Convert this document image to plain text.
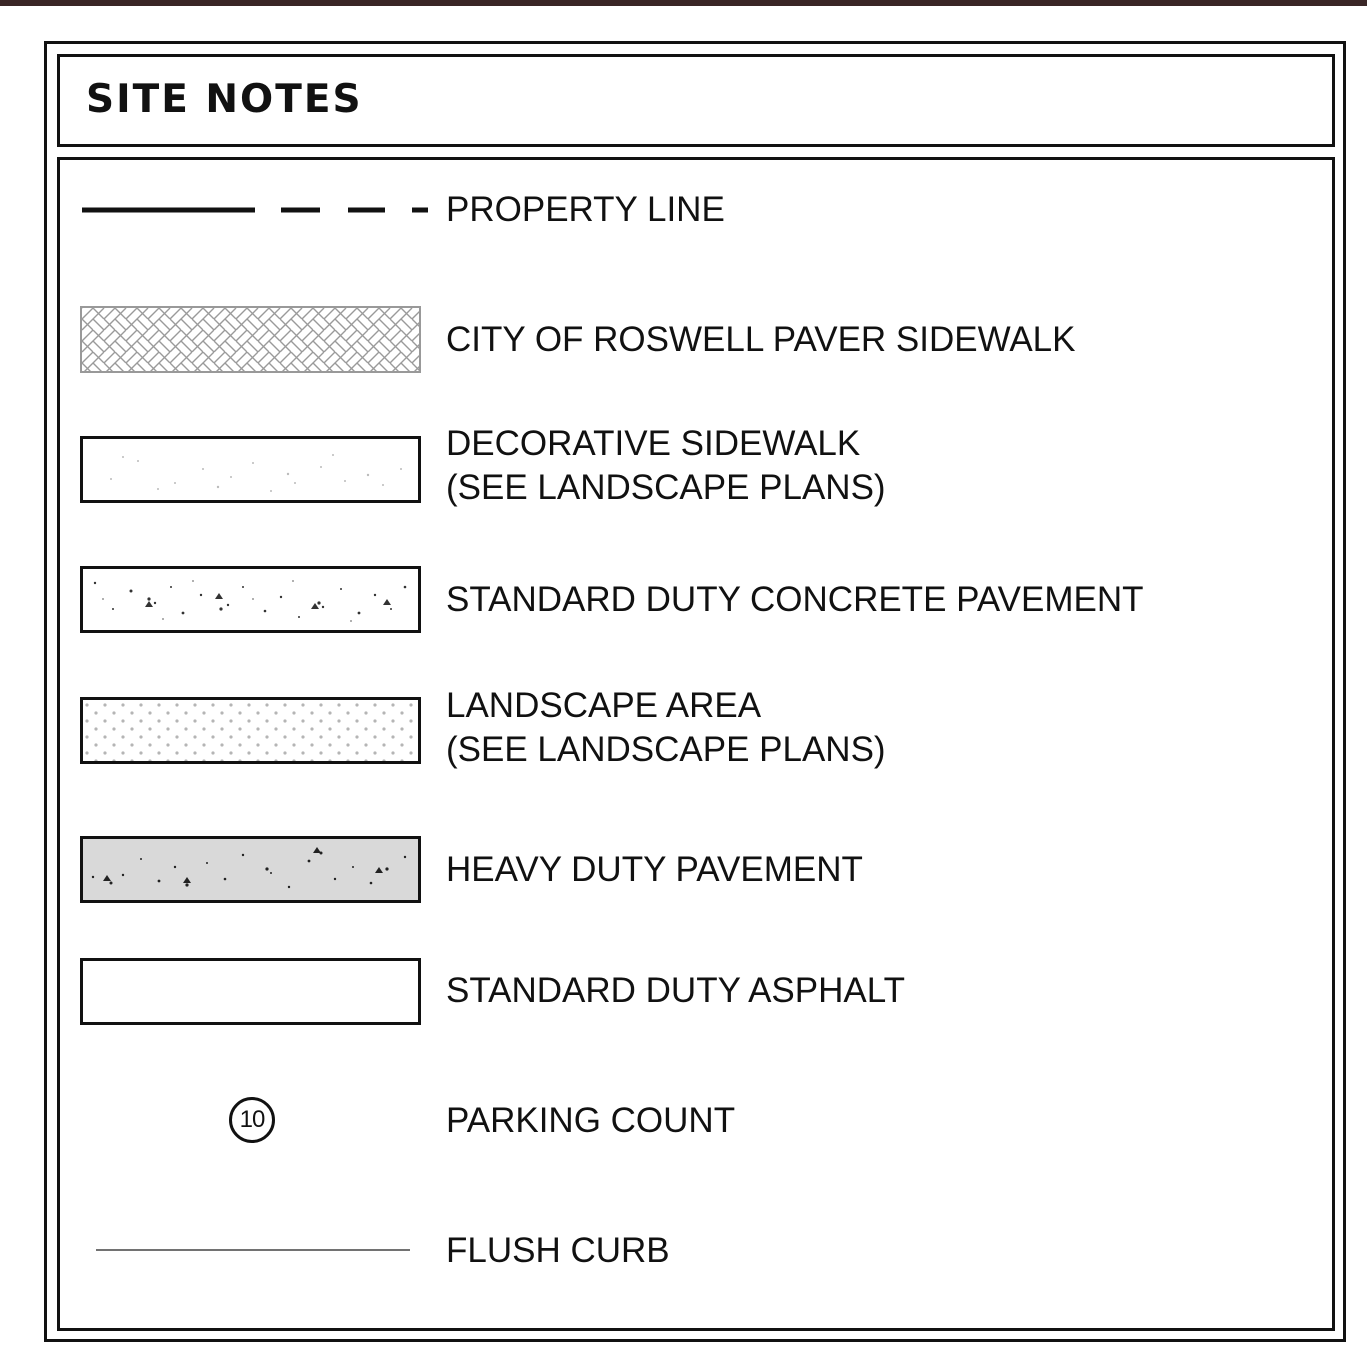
SITE NOTES
PROPERTY LINE
CITY OF ROSWELL PAVER SIDEWALK
DECORATIVE SIDEWALK
(SEE LANDSCAPE PLANS)
STANDARD DUTY CONCRETE PAVEMENT
LANDSCAPE AREA
(SEE LANDSCAPE PLANS)
HEAVY DUTY PAVEMENT
STANDARD DUTY ASPHALT
10	PARKING COUNT
FLUSH CURB
